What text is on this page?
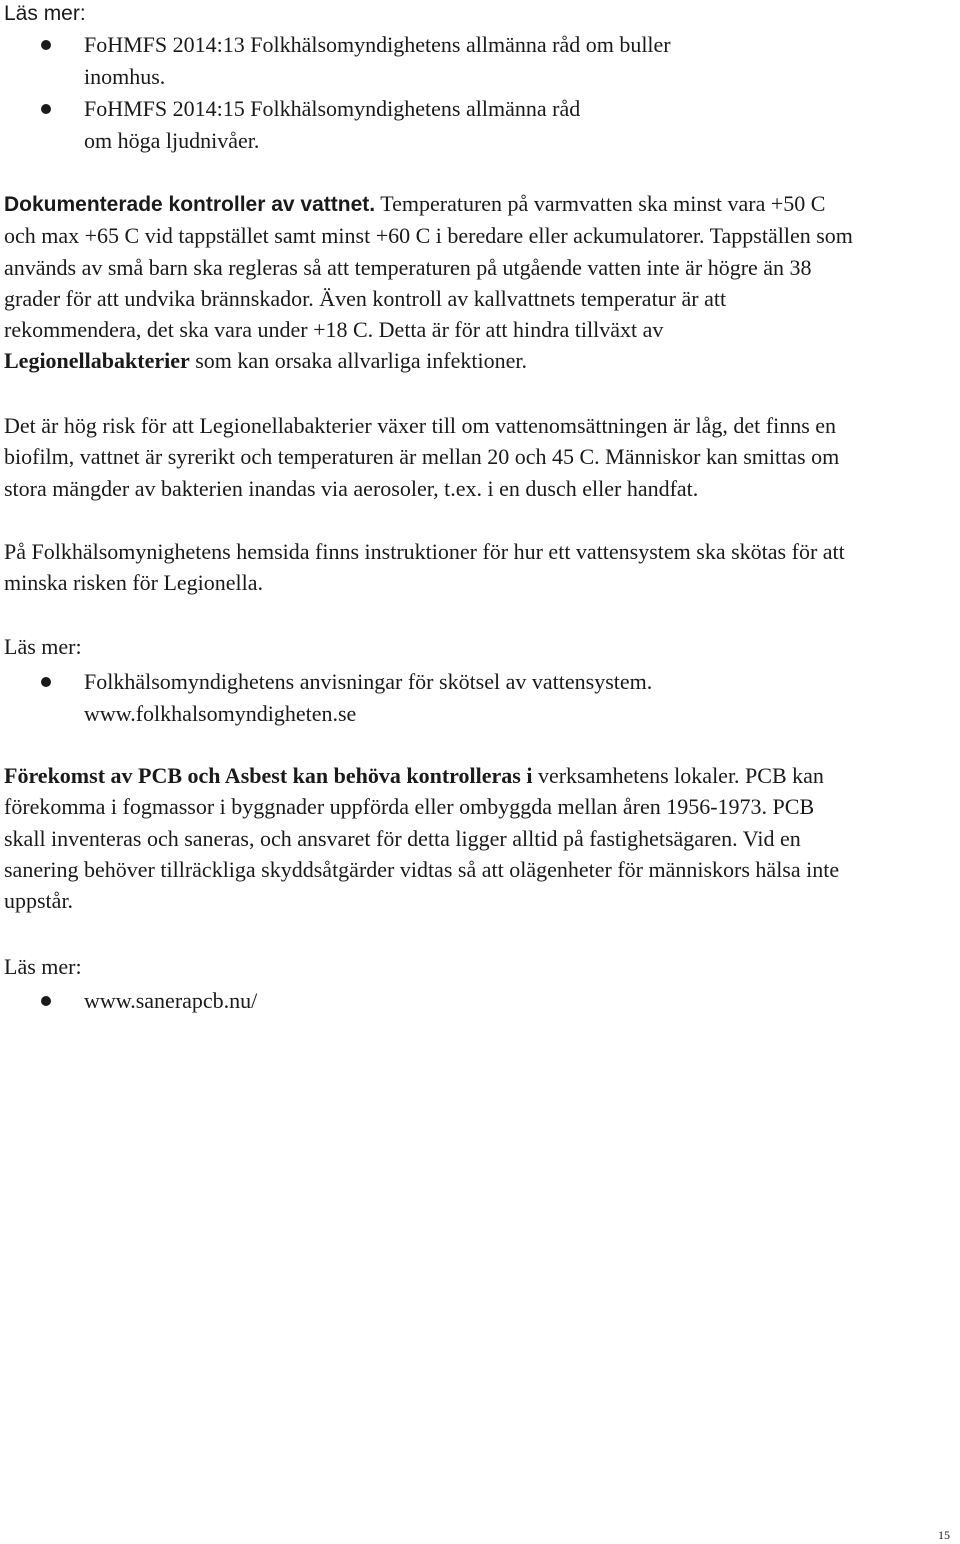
Läs mer:
FoHMFS 2014:13 Folkhälsomyndighetens allmänna råd om buller
inomhus.
FoHMFS 2014:15 Folkhälsomyndighetens allmänna råd
om höga ljudnivåer.

Dokumenterade kontroller av vattnet. Temperaturen på varmvatten ska minst vara +50 C och max +65 C vid tappstället samt minst +60 C i beredare eller ackumulatorer. Tappställen som används av små barn ska regleras så att temperaturen på utgående vatten inte är högre än 38 grader för att undvika brännskador. Även kontroll av kallvattnets temperatur är att rekommendera, det ska vara under +18 C. Detta är för att hindra tillväxt av Legionellabakterier som kan orsaka allvarliga infektioner.

Det är hög risk för att Legionellabakterier växer till om vattenomsättningen är låg, det finns en biofilm, vattnet är syrerikt och temperaturen är mellan 20 och 45 C. Människor kan smittas om stora mängder av bakterien inandas via aerosoler, t.ex. i en dusch eller handfat.

På Folkhälsomynighetens hemsida finns instruktioner för hur ett vattensystem ska skötas för att minska risken för Legionella.

Läs mer:
Folkhälsomyndighetens anvisningar för skötsel av vattensystem.
www.folkhalsomyndigheten.se

Förekomst av PCB och Asbest kan behöva kontrolleras i verksamhetens lokaler. PCB kan förekomma i fogmassor i byggnader uppförda eller ombyggda mellan åren 1956-1973. PCB skall inventeras och saneras, och ansvaret för detta ligger alltid på fastighetsägaren. Vid en sanering behöver tillräckliga skyddsåtgärder vidtas så att olägenheter för människors hälsa inte uppstår.

Läs mer:
www.sanerapcb.nu/
15
